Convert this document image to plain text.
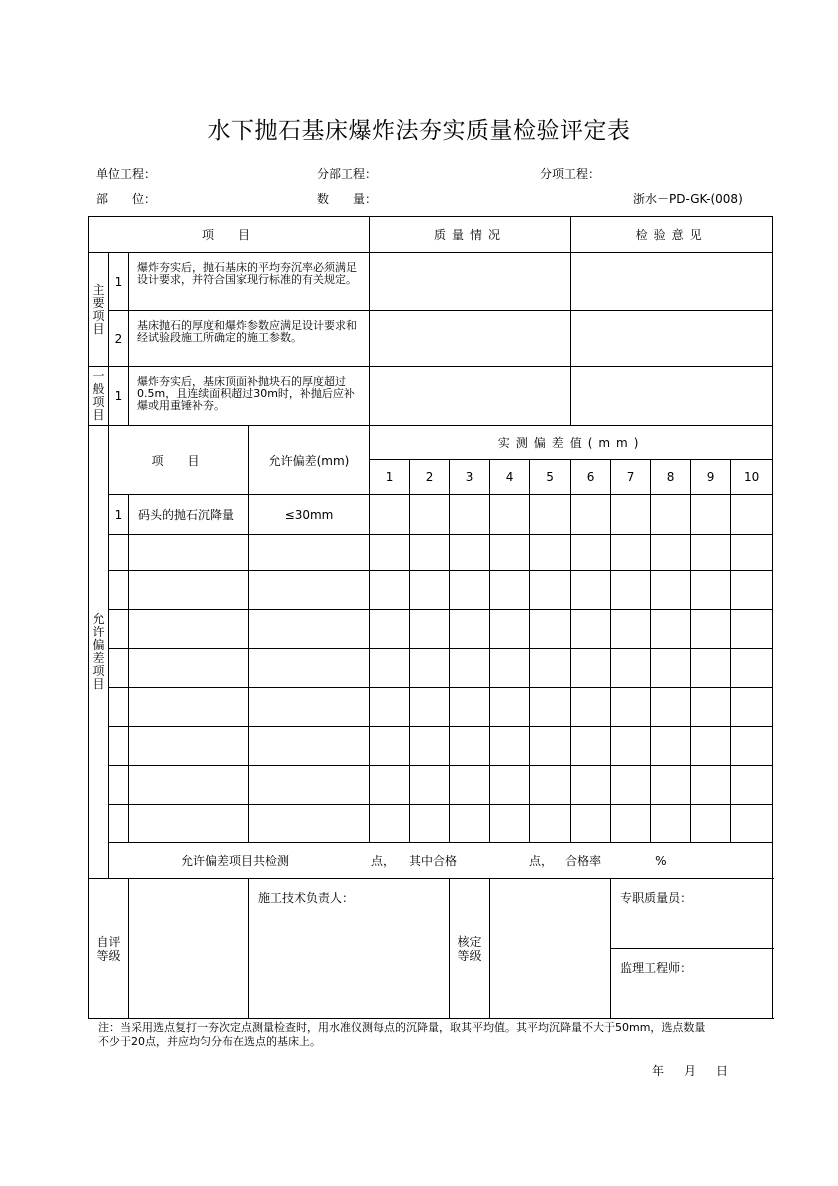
水下抛石基床爆炸法夯实质量检验评定表
单位工程：	分部工程：	分项工程：
部　　位：	数　　量：	浙水－PD-GK-(008)
项　目				质量情况					检验意见				
主要项目	1	爆炸夯实后，抛石基床的平均夯沉率必须满足设计要求，并符合国家现行标准的有关规定。											
	2	基床抛石的厚度和爆炸参数应满足设计要求和经试验段施工所确定的施工参数。											
一般项目	1	爆炸夯实后，基床顶面补抛块石的厚度超过0.5m，且连续面积超过30m时，补抛后应补爆或用重锤补夯。											
允许偏差项目	项　目		允许偏差(mm)	实测偏差值(mm)									
				1	2	3	4	5	6	7	8	9	10
	1	码头的抛石沉降量	≤30mm										

	允许偏差项目共检测 点， 其中合格 点， 合格率 %												
自评等级			施工技术负责人：			核定等级				专职质量员：			
										监理工程师：			
注：当采用选点复打一夯次定点测量检查时，用水准仪测每点的沉降量，取其平均值。其平均沉降量不大于50mm，选点数量不少于20点，并应均匀分布在选点的基床上。
年　月　日
